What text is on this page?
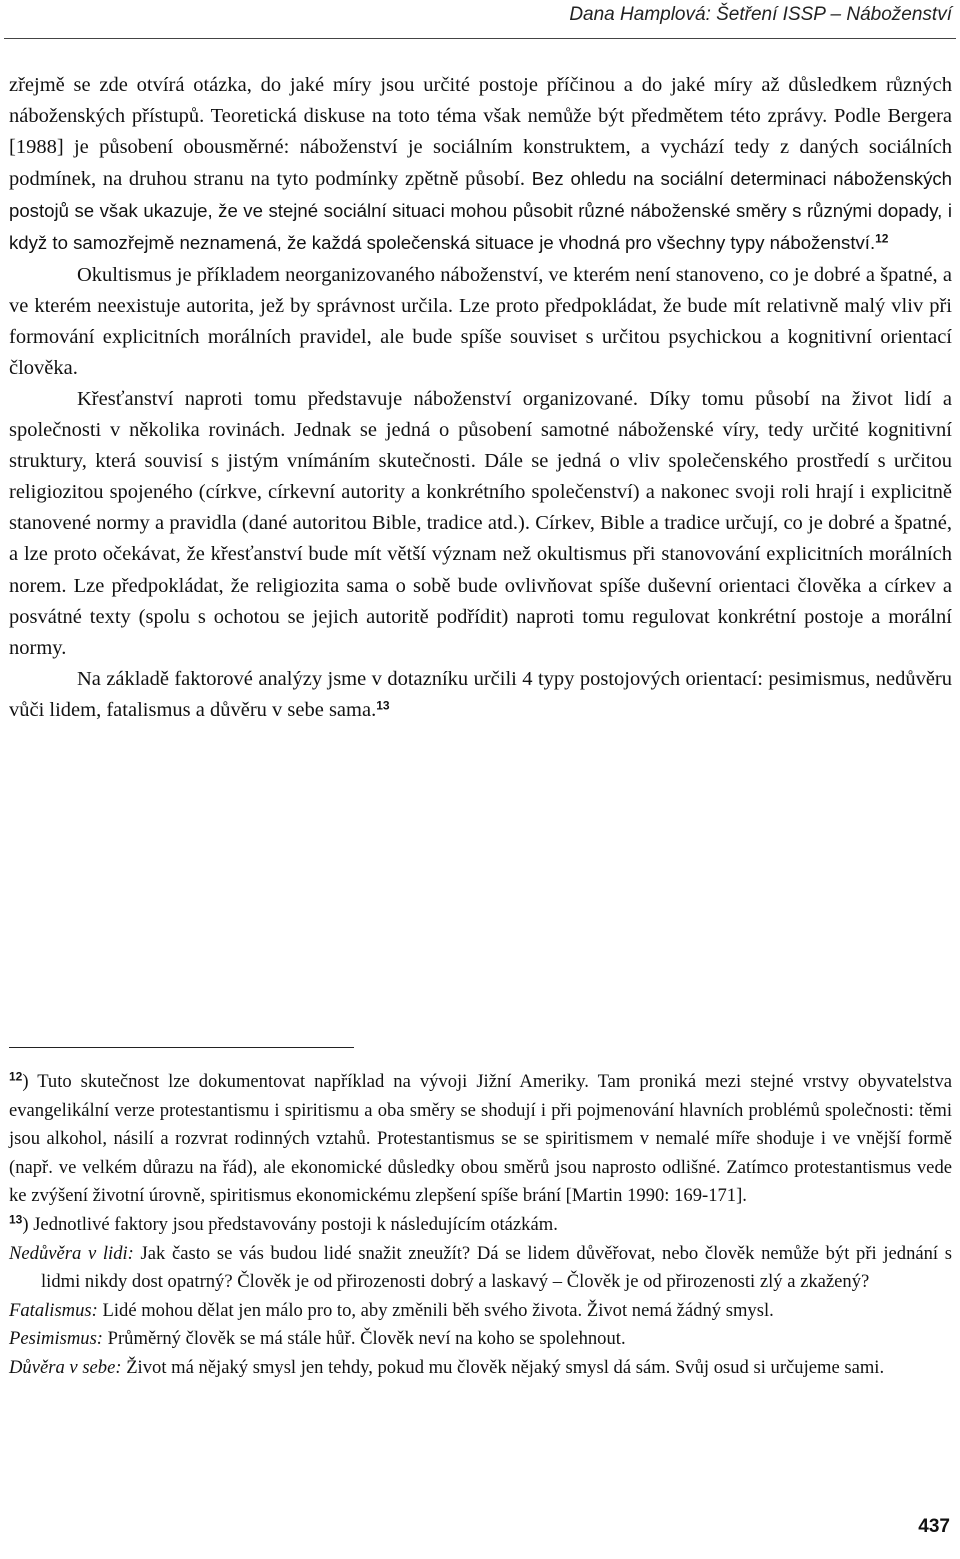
Dana Hamplová: Šetření ISSP – Náboženství

zřejmě se zde otvírá otázka, do jaké míry jsou určité postoje příčinou a do jaké míry až důsledkem různých náboženských přístupů. Teoretická diskuse na toto téma však nemůže být předmětem této zprávy. Podle Bergera [1988] je působení obousměrné: náboženství je sociálním konstruktem, a vychází tedy z daných sociálních podmínek, na druhou stranu na tyto podmínky zpětně působí. Bez ohledu na sociální determinaci náboženských postojů se však ukazuje, že ve stejné sociální situaci mohou působit různé náboženské směry s různými dopady, i když to samozřejmě neznamená, že každá společenská situace je vhodná pro všechny typy náboženství.$^{12}$

Okultismus je příkladem neorganizovaného náboženství, ve kterém není stanoveno, co je dobré a špatné, a ve kterém neexistuje autorita, jež by správnost určila. Lze proto předpokládat, že bude mít relativně malý vliv při formování explicitních morálních pravidel, ale bude spíše souviset s určitou psychickou a kognitivní orientací člověka.

Křesťanství naproti tomu představuje náboženství organizované. Díky tomu působí na život lidí a společnosti v několika rovinách. Jednak se jedná o působení samotné náboženské víry, tedy určité kognitivní struktury, která souvisí s jistým vnímáním skutečnosti. Dále se jedná o vliv společenského prostředí s určitou religiozitou spojeného (církve, církevní autority a konkrétního společenství) a nakonec svoji roli hrají i explicitně stanovené normy a pravidla (dané autoritou Bible, tradice atd.). Církev, Bible a tradice určují, co je dobré a špatné, a lze proto očekávat, že křesťanství bude mít větší význam než okultismus při stanovování explicitních morálních norem. Lze předpokládat, že religiozita sama o sobě bude ovlivňovat spíše duševní orientaci člověka a církev a posvátné texty (spolu s ochotou se jejich autoritě podřídit) naproti tomu regulovat konkrétní postoje a morální normy.

Na základě faktorové analýzy jsme v dotazníku určili 4 typy postojových orientací: pesimismus, nedůvěru vůči lidem, fatalismus a důvěru v sebe sama.$^{13}$

$^{12}$) Tuto skutečnost lze dokumentovat například na vývoji Jižní Ameriky. Tam proniká mezi stejné vrstvy obyvatelstva evangelikální verze protestantismu i spiritismu a oba směry se shodují i při pojmenování hlavních problémů společnosti: těmi jsou alkohol, násilí a rozvrat rodinných vztahů. Protestantismus se se spiritismem v nemalé míře shoduje i ve vnější formě (např. ve velkém důrazu na řád), ale ekonomické důsledky obou směrů jsou naprosto odlišné. Zatímco protestantismus vede ke zvýšení životní úrovně, spiritismus ekonomickému zlepšení spíše brání [Martin 1990: 169-171].

$^{13}$) Jednotlivé faktory jsou představovány postoji k následujícím otázkám.

Nedůvěra v lidi: Jak často se vás budou lidé snažit zneužít? Dá se lidem důvěřovat, nebo člověk nemůže být při jednání s lidmi nikdy dost opatrný? Člověk je od přirozenosti dobrý a laskavý – Člověk je od přirozenosti zlý a zkažený?

Fatalismus: Lidé mohou dělat jen málo pro to, aby změnili běh svého života. Život nemá žádný smysl.

Pesimismus: Průměrný člověk se má stále hůř. Člověk neví na koho se spolehnout.

Důvěra v sebe: Život má nějaký smysl jen tehdy, pokud mu člověk nějaký smysl dá sám. Svůj osud si určujeme sami.

437
